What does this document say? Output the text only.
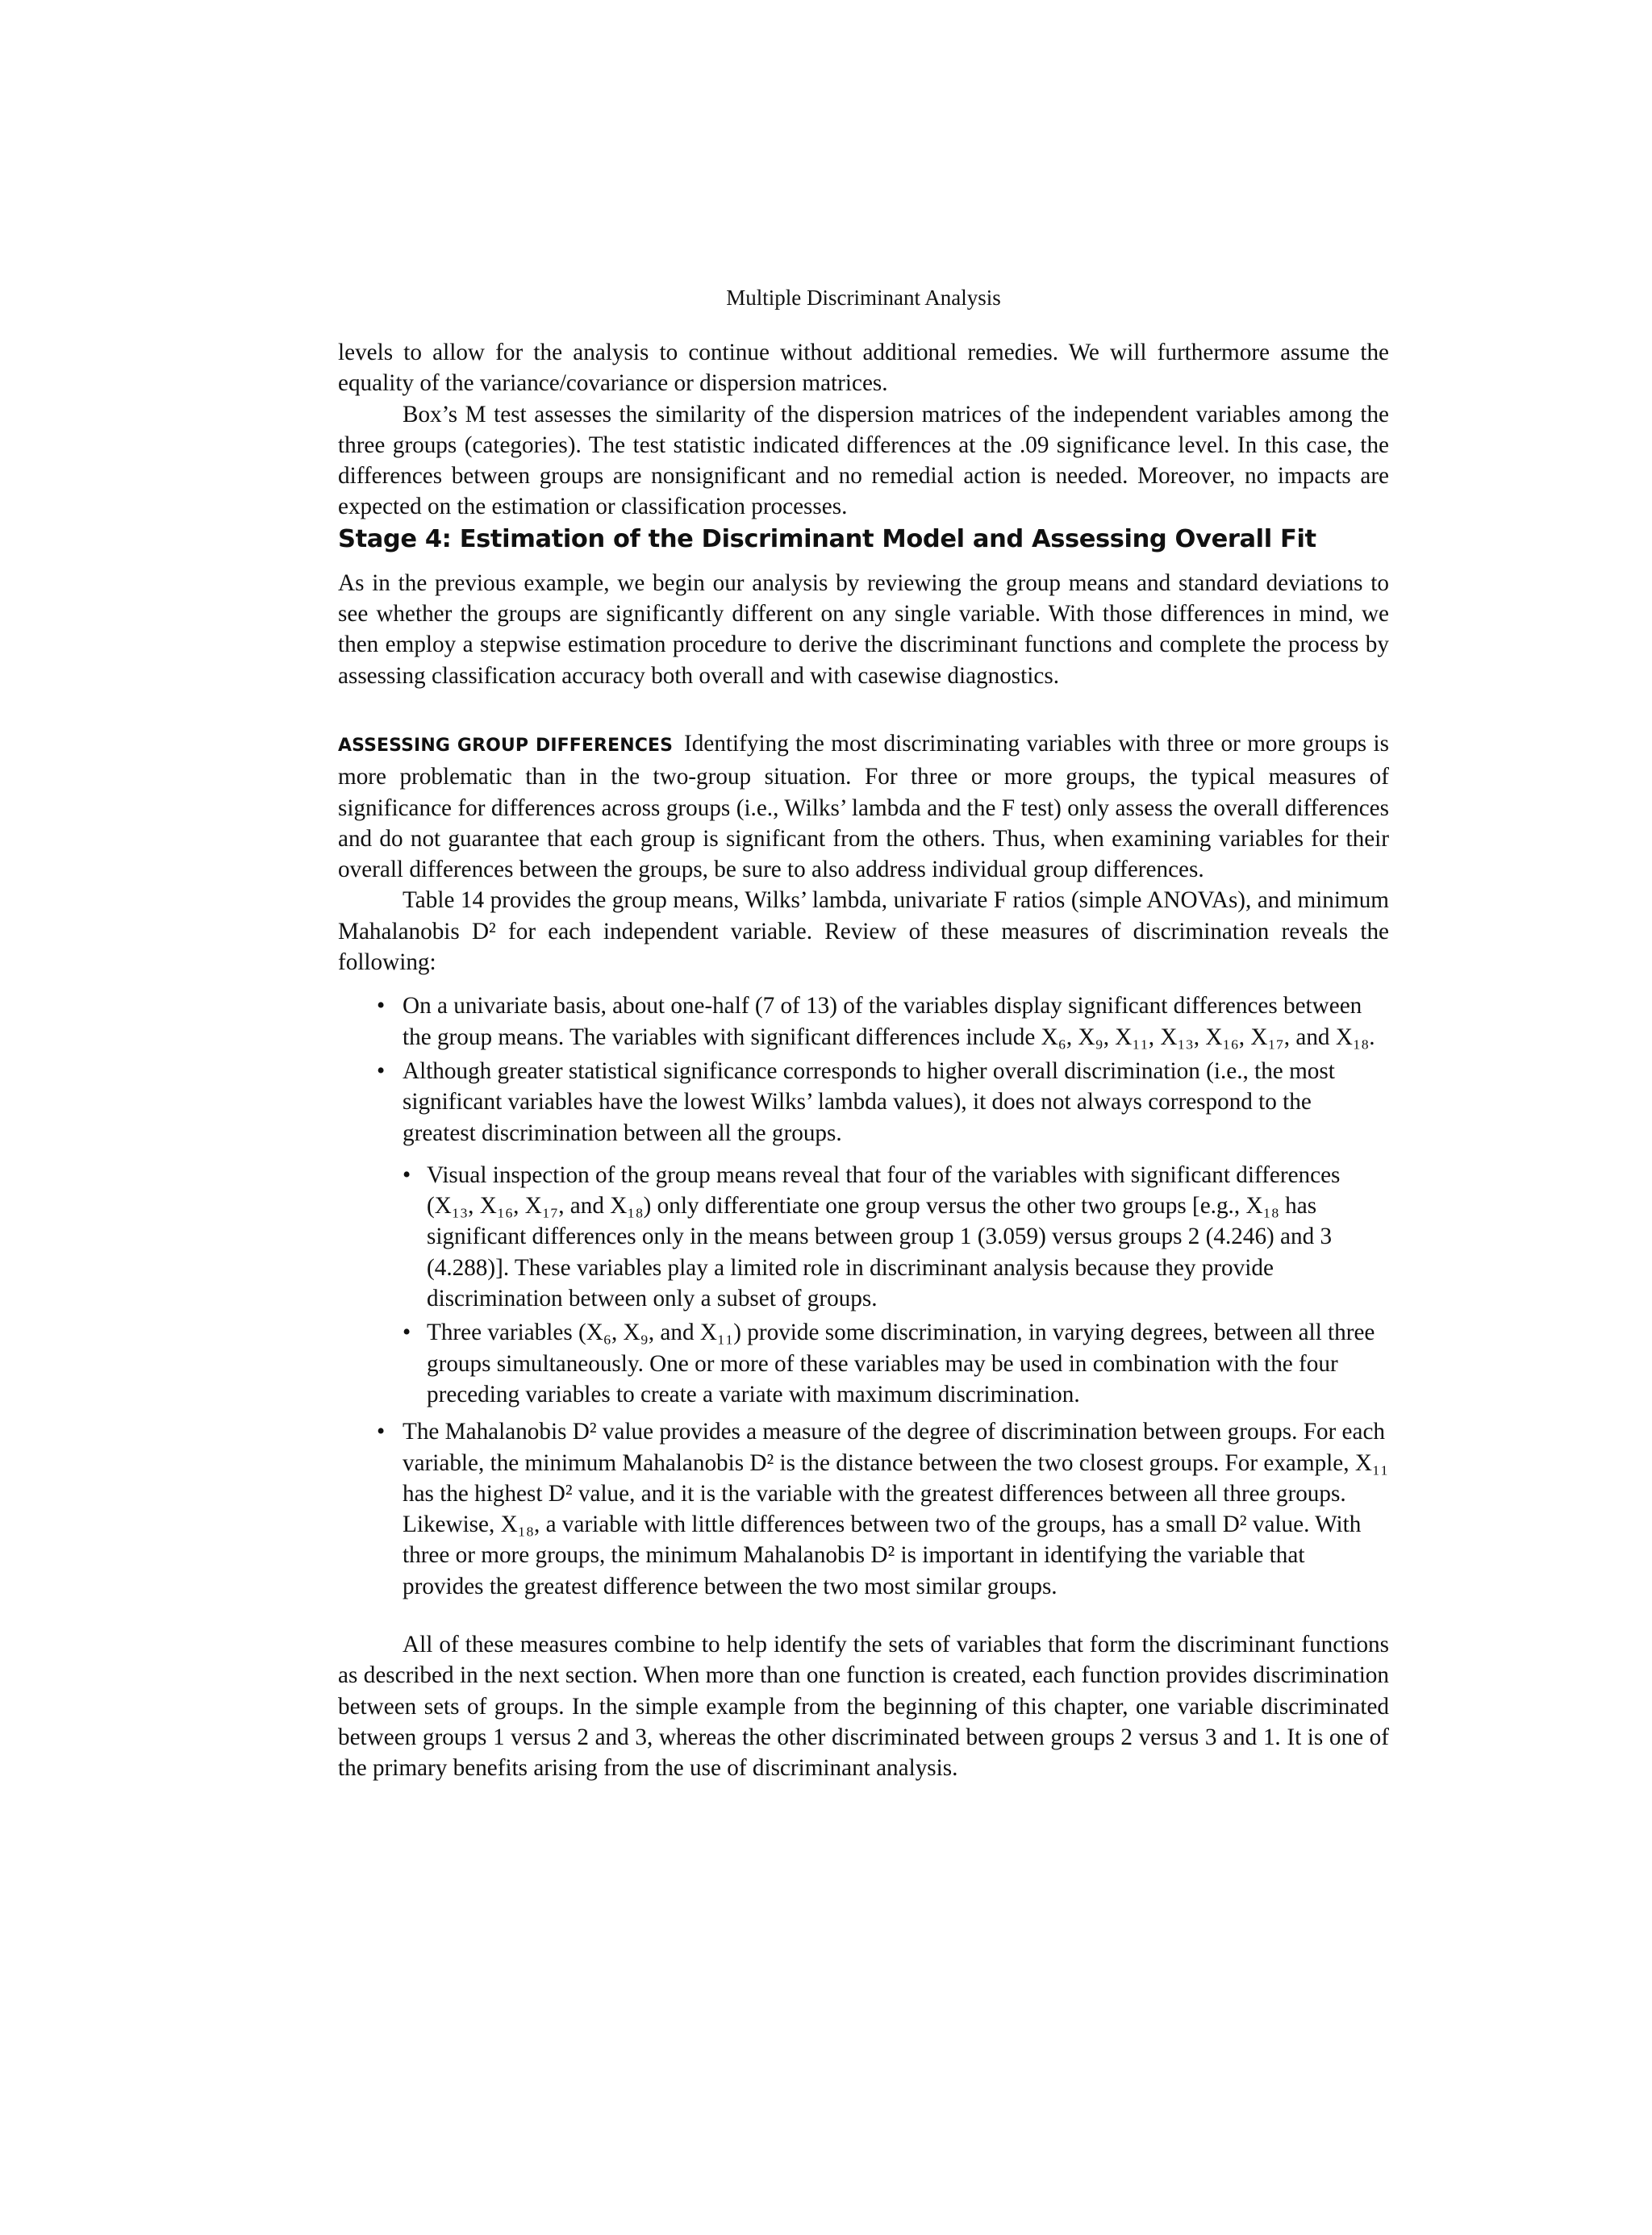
Multiple Discriminant Analysis

levels to allow for the analysis to continue without additional remedies. We will furthermore assume the equality of the variance/covariance or dispersion matrices.

Box’s M test assesses the similarity of the dispersion matrices of the independent variables among the three groups (categories). The test statistic indicated differences at the .09 significance level. In this case, the differences between groups are nonsignificant and no remedial action is needed. Moreover, no impacts are expected on the estimation or classification processes.

Stage 4: Estimation of the Discriminant Model and Assessing Overall Fit

As in the previous example, we begin our analysis by reviewing the group means and standard deviations to see whether the groups are significantly different on any single variable. With those differences in mind, we then employ a stepwise estimation procedure to derive the discriminant functions and complete the process by assessing classification accuracy both overall and with casewise diagnostics.

ASSESSING GROUP DIFFERENCES Identifying the most discriminating variables with three or more groups is more problematic than in the two-group situation. For three or more groups, the typical measures of significance for differences across groups (i.e., Wilks’ lambda and the F test) only assess the overall differences and do not guarantee that each group is significant from the others. Thus, when examining variables for their overall differences between the groups, be sure to also address individual group differences.

Table 14 provides the group means, Wilks’ lambda, univariate F ratios (simple ANOVAs), and minimum Mahalanobis D² for each independent variable. Review of these measures of discrimination reveals the following:

• On a univariate basis, about one-half (7 of 13) of the variables display significant differences between the group means. The variables with significant differences include X₆, X₉, X₁₁, X₁₃, X₁₆, X₁₇, and X₁₈.
• Although greater statistical significance corresponds to higher overall discrimination (i.e., the most significant variables have the lowest Wilks’ lambda values), it does not always correspond to the greatest discrimination between all the groups.
• Visual inspection of the group means reveal that four of the variables with significant differences (X₁₃, X₁₆, X₁₇, and X₁₈) only differentiate one group versus the other two groups [e.g., X₁₈ has significant differences only in the means between group 1 (3.059) versus groups 2 (4.246) and 3 (4.288)]. These variables play a limited role in discriminant analysis because they provide discrimination between only a subset of groups.
• Three variables (X₆, X₉, and X₁₁) provide some discrimination, in varying degrees, between all three groups simultaneously. One or more of these variables may be used in combination with the four preceding variables to create a variate with maximum discrimination.
• The Mahalanobis D² value provides a measure of the degree of discrimination between groups. For each variable, the minimum Mahalanobis D² is the distance between the two closest groups. For example, X₁₁ has the highest D² value, and it is the variable with the greatest differences between all three groups. Likewise, X₁₈, a variable with little differences between two of the groups, has a small D² value. With three or more groups, the minimum Mahalanobis D² is important in identifying the variable that provides the greatest difference between the two most similar groups.

All of these measures combine to help identify the sets of variables that form the discriminant functions as described in the next section. When more than one function is created, each function provides discrimination between sets of groups. In the simple example from the beginning of this chapter, one variable discriminated between groups 1 versus 2 and 3, whereas the other discriminated between groups 2 versus 3 and 1. It is one of the primary benefits arising from the use of discriminant analysis.
